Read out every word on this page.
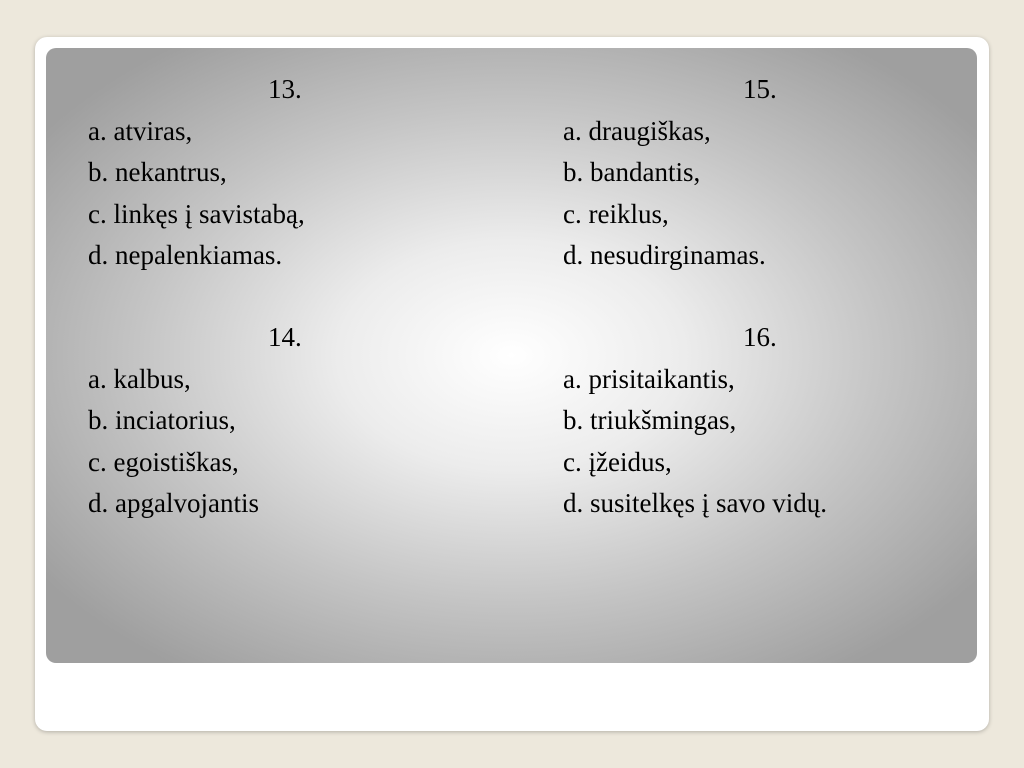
13.
a. atviras,
b. nekantrus,
c. linkęs į savistabą,
d. nepalenkiamas.
14.
a. kalbus,
b. inciatorius,
c. egoistiškas,
d. apgalvojantis
15.
a. draugiškas,
b. bandantis,
c. reiklus,
d. nesudirginamas.
16.
a. prisitaikantis,
b. triukšmingas,
c. įžeidus,
d. susitelkęs į savo vidų.
